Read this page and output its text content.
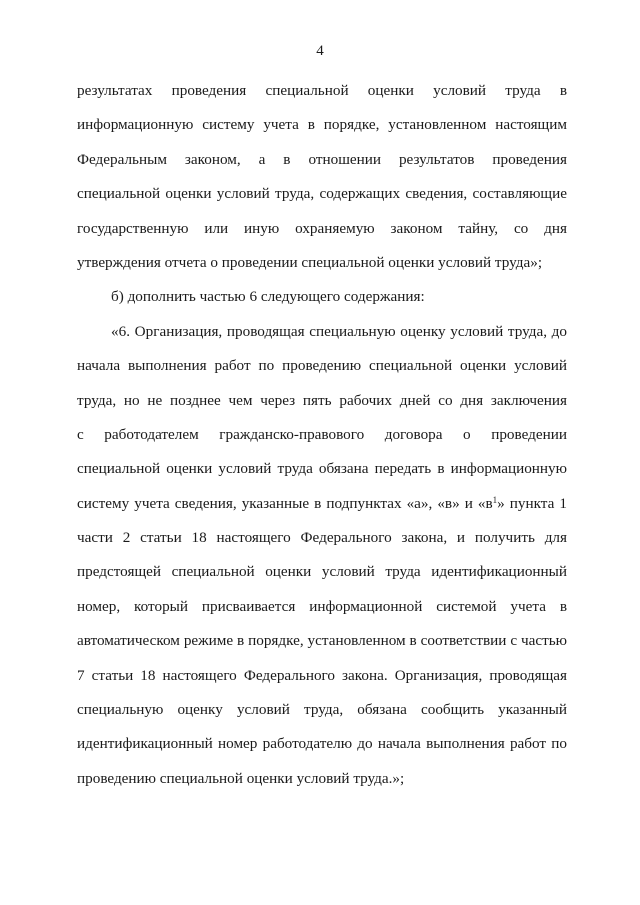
4
результатах проведения специальной оценки условий труда в
информационную систему учета в порядке, установленном настоящим
Федеральным законом, а в отношении результатов проведения
специальной оценки условий труда, содержащих сведения, составляющие
государственную или иную охраняемую законом тайну, со дня
утверждения отчета о проведении специальной оценки условий труда»;
б) дополнить частью 6 следующего содержания:
«6. Организация, проводящая специальную оценку условий труда, до
начала выполнения работ по проведению специальной оценки условий
труда, но не позднее чем через пять рабочих дней со дня заключения
с работодателем гражданско-правового договора о проведении
специальной оценки условий труда обязана передать в информационную
систему учета сведения, указанные в подпунктах «а», «в» и «$в^1$» пункта 1
части 2 статьи 18 настоящего Федерального закона, и получить для
предстоящей специальной оценки условий труда идентификационный
номер, который присваивается информационной системой учета в
автоматическом режиме в порядке, установленном в соответствии с частью
7 статьи 18 настоящего Федерального закона. Организация, проводящая
специальную оценку условий труда, обязана сообщить указанный
идентификационный номер работодателю до начала выполнения работ по
проведению специальной оценки условий труда.»;
